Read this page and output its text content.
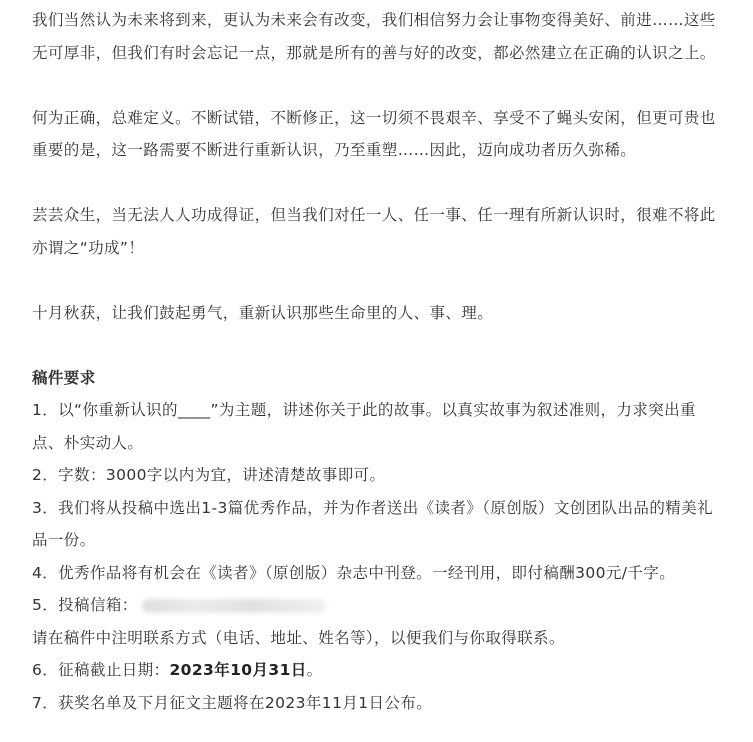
我们当然认为未来将到来，更认为未来会有改变，我们相信努力会让事物变得美好、前进……这些无可厚非，但我们有时会忘记一点，那就是所有的善与好的改变，都必然建立在正确的认识之上。

何为正确，总难定义。不断试错，不断修正，这一切须不畏艰辛、享受不了蝇头安闲，但更可贵也重要的是，这一路需要不断进行重新认识，乃至重塑……因此，迈向成功者历久弥稀。

芸芸众生，当无法人人功成得证，但当我们对任一人、任一事、任一理有所新认识时，很难不将此亦谓之“功成”！

十月秋获，让我们鼓起勇气，重新认识那些生命里的人、事、理。

稿件要求

1．以“你重新认识的____”为主题，讲述你关于此的故事。以真实故事为叙述准则，力求突出重点、朴实动人。

2．字数：3000字以内为宜，讲述清楚故事即可。

3．我们将从投稿中选出1-3篇优秀作品，并为作者送出《读者》（原创版）文创团队出品的精美礼品一份。

4．优秀作品将有机会在《读者》（原创版）杂志中刊登。一经刊用，即付稿酬300元/千字。

5．投稿信箱：

请在稿件中注明联系方式（电话、地址、姓名等），以便我们与你取得联系。

6．征稿截止日期：2023年10月31日。

7．获奖名单及下月征文主题将在2023年11月1日公布。
